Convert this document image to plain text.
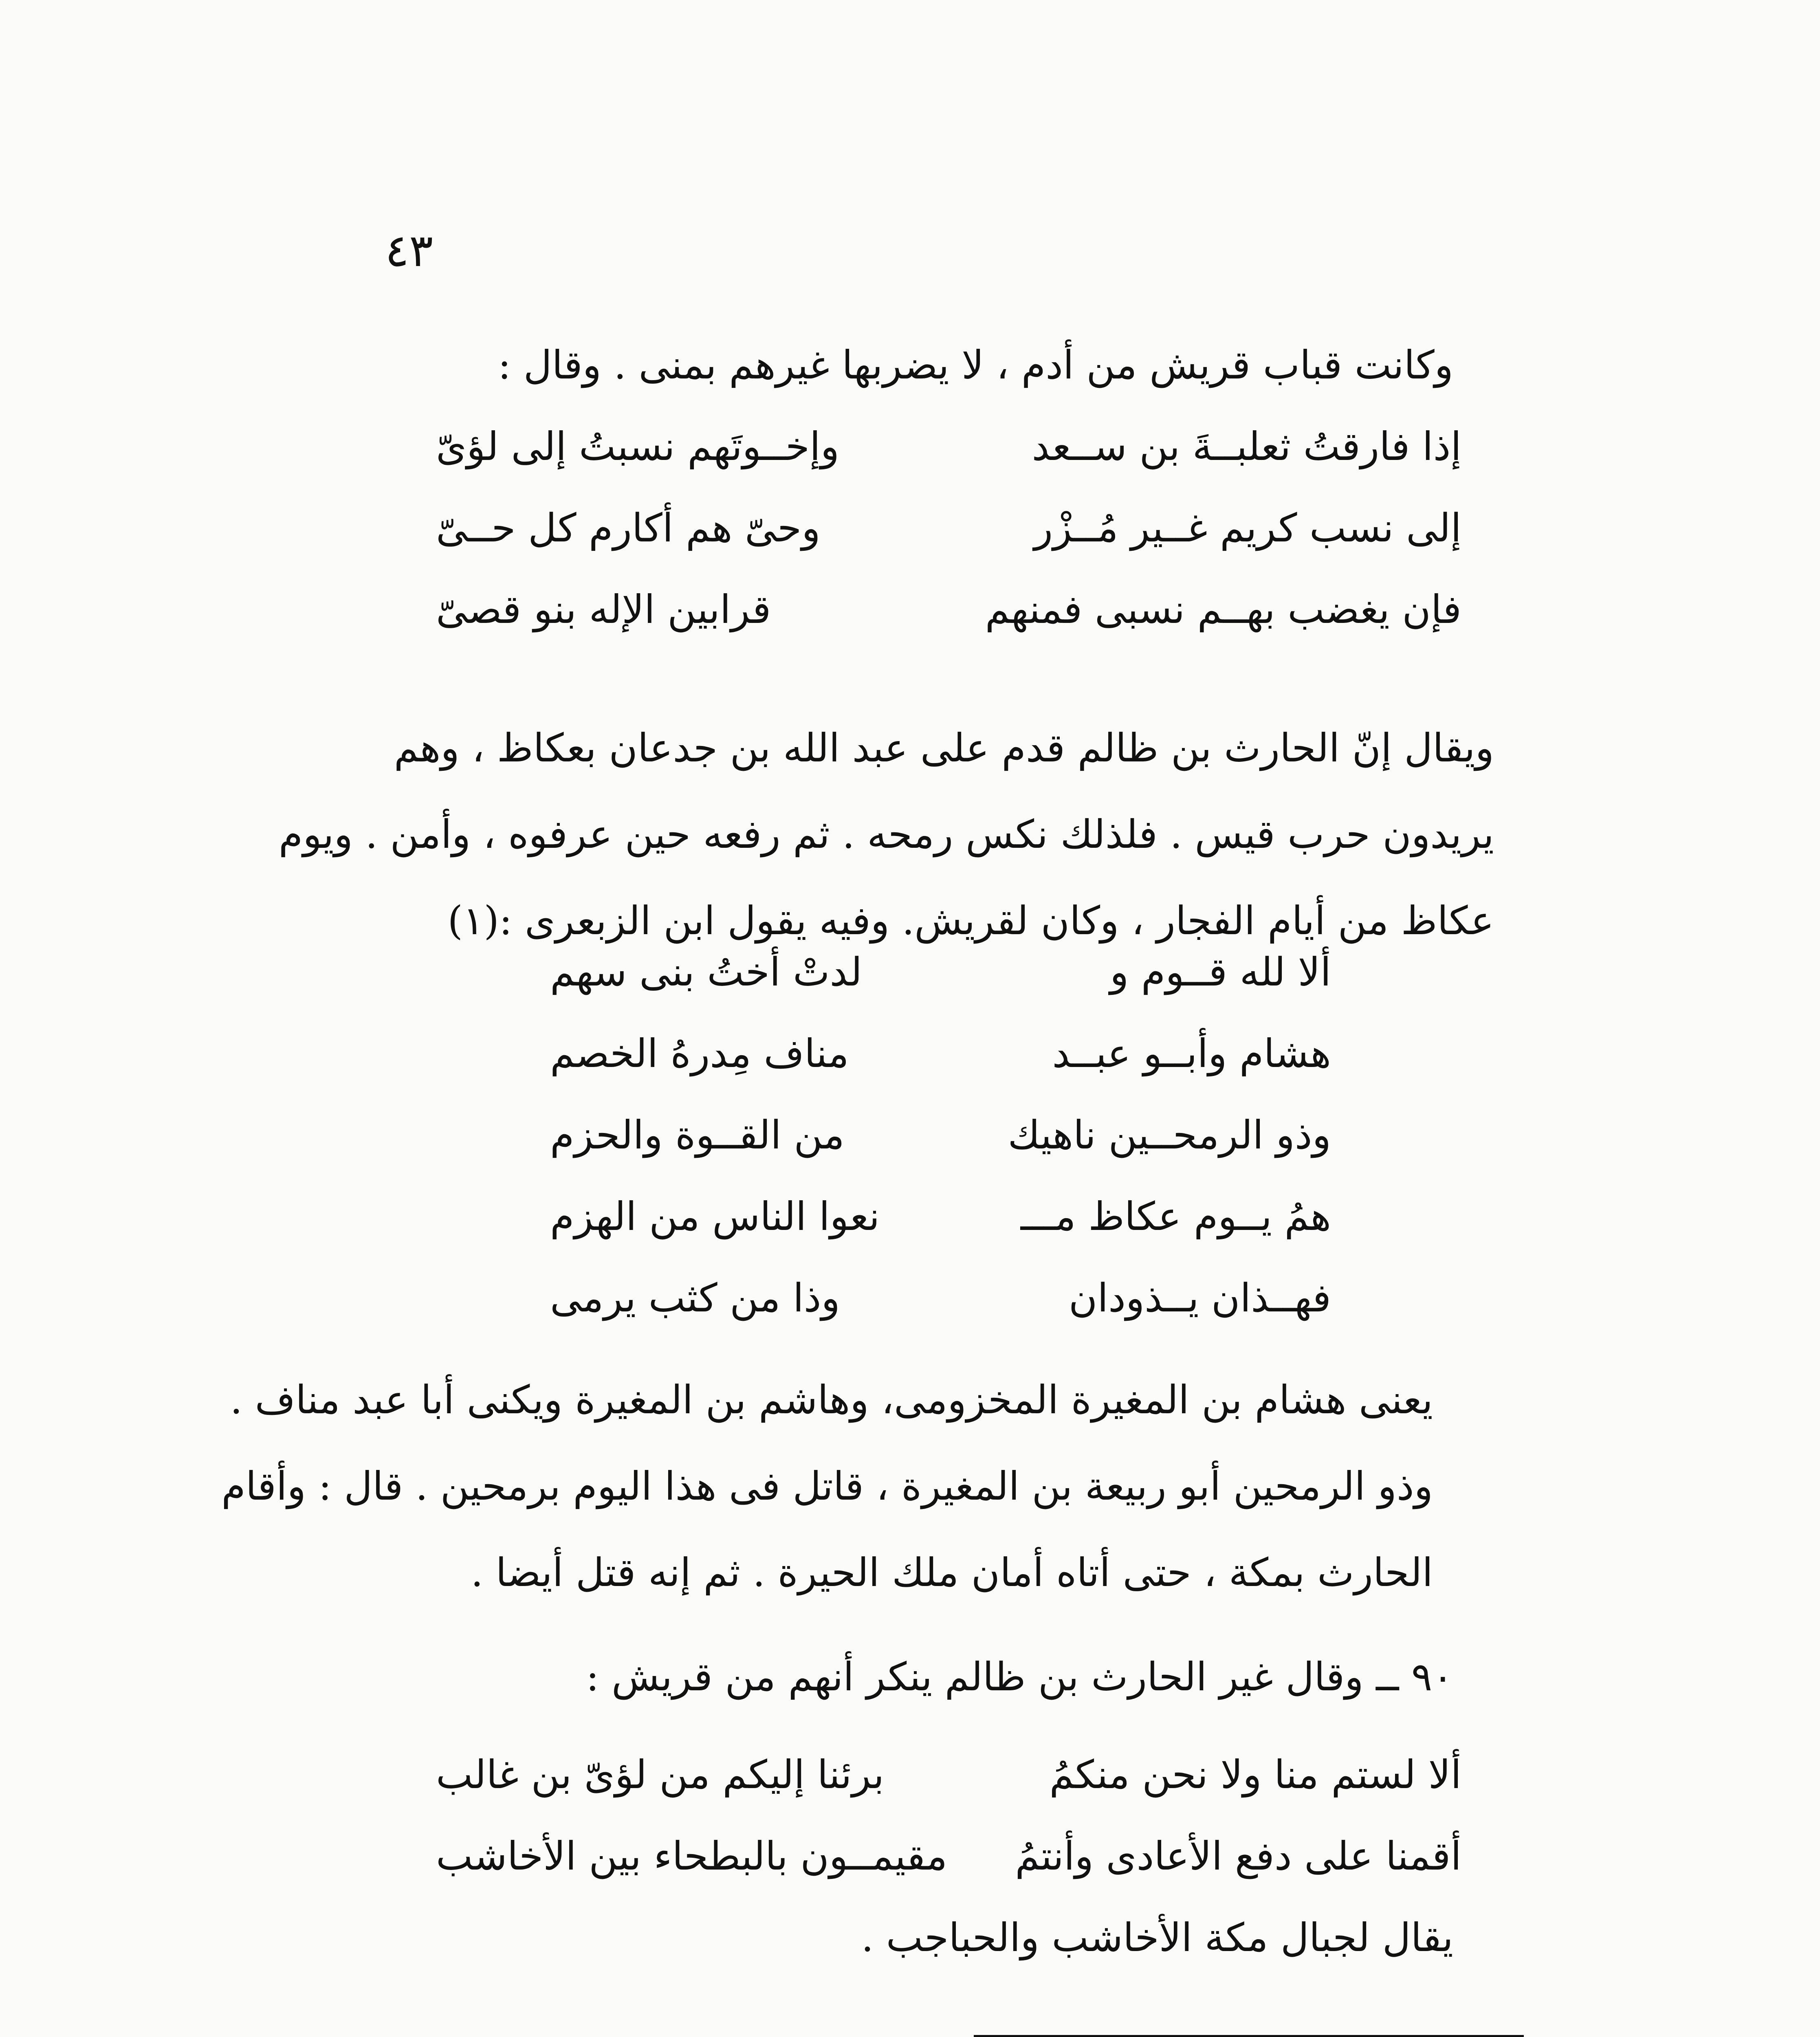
٤٣
وكانت قباب قريش من أدم ، لا يضربها غيرهم بمنى . وقال :
إذا فارقتُ ثعلبــةَ بن ســعد
وإخــوتَهم نسبتُ إلى لؤىّ
إلى نسب كريم غــير مُــزْر
وحىّ هم أكارم كل حــىّ
فإن يغضب بهــم نسبى فمنهم
قرابين الإله بنو قصىّ
ويقال إنّ الحارث بن ظالم قدم على عبد الله بن جدعان بعكاظ ، وهم
يريدون حرب قيس . فلذلك نكس رمحه . ثم رفعه حين عرفوه ، وأمن . ويوم
عكاظ من أيام الفجار ، وكان لقريش. وفيه يقول ابن الزبعرى :(١)
ألا لله قــوم و
لدتْ أختُ بنى سهم
هشام وأبــو عبــد
مناف مِدرهُ الخصم
وذو الرمحــين ناهيك
من القــوة والحزم
همُ يــوم عكاظ مـــ
نعوا الناس من الهزم
فهــذان يــذودان
وذا من كثب يرمى
يعنى هشام بن المغيرة المخزومى، وهاشم بن المغيرة ويكنى أبا عبد مناف .
وذو الرمحين أبو ربيعة بن المغيرة ، قاتل فى هذا اليوم برمحين . قال : وأقام
الحارث بمكة ، حتى أتاه أمان ملك الحيرة . ثم إنه قتل أيضا .
٩٠ ــ وقال غير الحارث بن ظالم ينكر أنهم من قريش :
ألا لستم منا ولا نحن منكمُ
برئنا إليكم من لؤىّ بن غالب
أقمنا على دفع الأعادى وأنتمُ
مقيمــون بالبطحاء بين الأخاشب
يقال لجبال مكة الأخاشب والحباجب .
